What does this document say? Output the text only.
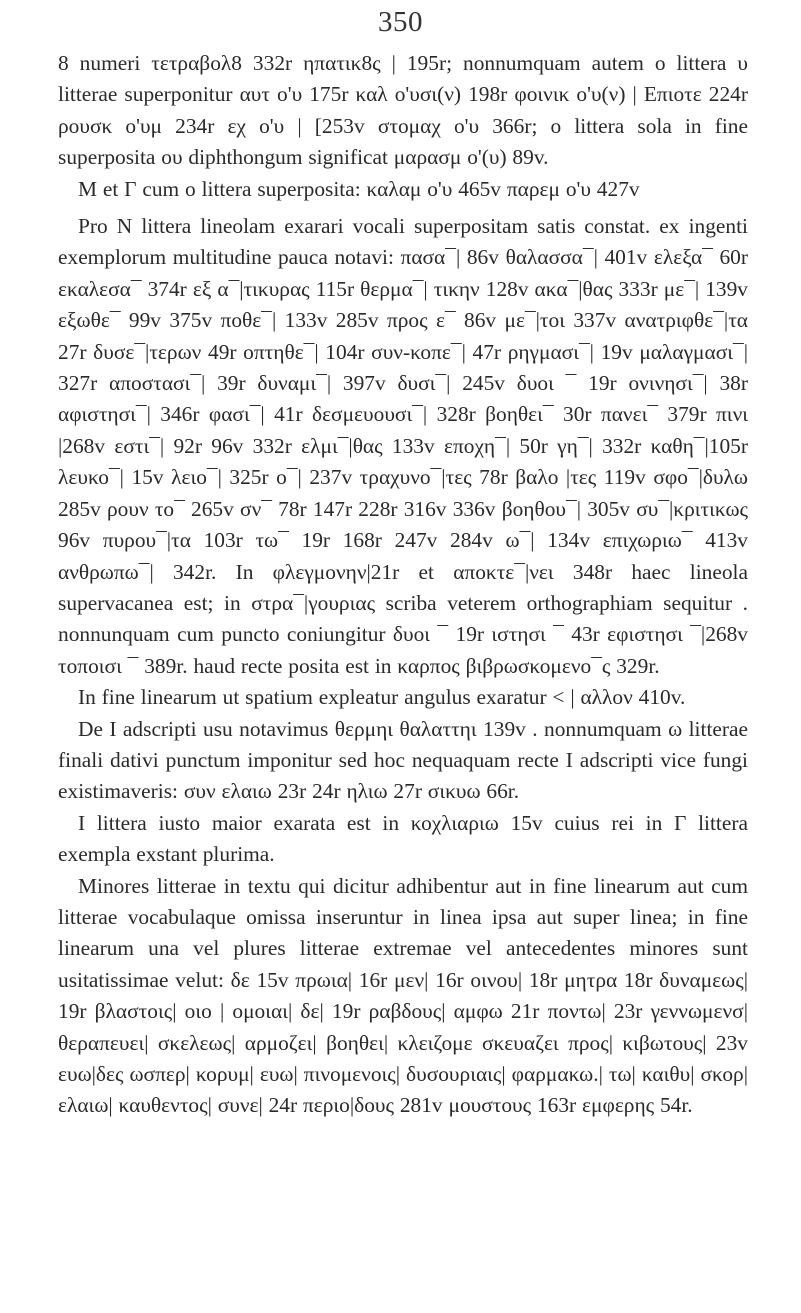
350

8 numeri τετραβολ8 332r ηπατικ8ς | 195r; nonnumquam autem o littera υ litterae superponitur αυτ ο'υ 175r καλ ο'υσι(ν) 198r φοινικ ο'υ(ν) | Επιοτε 224r ρουσκ ο'υμ 234r εχ ο'υ | [253v στομαχ ο'υ 366r; o littera sola in fine superposita ου diphthongum significat μαρασμ ο'(υ) 89v.

M et Γ cum o littera superposita: καλαμ ο'υ 465v παρεμ ο'υ 427v

Pro N littera lineolam exarari vocali superpositam satis constat. ex ingenti exemplorum multitudine pauca notavi: πασα¯| 86v θαλασσα¯| 401v ελεξα¯ 60r εκαλεσα¯ 374r εξ α¯|τικυρας 115r θερμα¯| τικην 128v ακα¯|θας 333r με¯| 139v εξωθε¯ 99v 375v ποθε¯| 133v 285v προς ε¯ 86v με¯|τοι 337v ανατριφθε¯|τα 27r δυσε¯|τερων 49r οπτηθε¯| 104r συν-κοπε¯| 47r ρηγμασι¯| 19v μαλαγμασι¯| 327r αποστασι¯| 39r δυναμι¯| 397v δυσι¯| 245v δυοι ¯ 19r ονινησι¯| 38r αφιστησι¯| 346r φασι¯| 41r δεσμευουσι¯| 328r βοηθει¯ 30r πανει¯ 379r πινι |268v εστι¯| 92r 96v 332r ελμι¯|θας 133v εποχη¯| 50r γη¯| 332r καθη¯|105r λευκο¯| 15v λειο¯| 325r ο¯| 237v τραχυνο¯|τες 78r βαλο |τες 119v σφο¯|δυλω 285v ρουν το¯ 265v σν¯ 78r 147r 228r 316v 336v βοηθου¯| 305v συ¯|κριτικως 96v πυρου¯|τα 103r τω¯ 19r 168r 247v 284v ω¯| 134v επιχωριω¯ 413v ανθρωπω¯| 342r. In φλεγμονην|21r et αποκτε¯|νει 348r haec lineola supervacanea est; in στρα¯|γουριας scriba veterem orthographiam sequitur . nonnunquam cum puncto coniungitur δυοι ¯ 19r ιστησι ¯ 43r εφιστησι ¯|268v τοποισι ¯ 389r. haud recte posita est in καρπος βιβρωσκομενο¯ς 329r.

In fine linearum ut spatium expleatur angulus exaratur < | αλλον 410v.

De I adscripti usu notavimus θερμηι θαλαττηι 139v . nonnumquam ω litterae finali dativi punctum imponitur sed hoc nequaquam recte I adscripti vice fungi existimaveris: συν ελαιω 23r 24r ηλιω 27r σικυω 66r.

I littera iusto maior exarata est in κοχλιαριω 15v cuius rei in Γ littera exempla exstant plurima.

Minores litterae in textu qui dicitur adhibentur aut in fine linearum aut cum litterae vocabulaque omissa inseruntur in linea ipsa aut super linea; in fine linearum una vel plures litterae extremae vel antecedentes minores sunt usitatissimae velut: δε 15v πρωια| 16r μεν| 16r οινου| 18r μητρα 18r δυναμεως| 19r βλαστοις| οιο | ομοιαι| δε| 19r ραβδους| αμφω 21r ποντω| 23r γεννωμενσ| θεραπευει| σκελεως| αρμοζει| βοηθει| κλειζομε σκευαζει προς| κιβωτους| 23v ευω|δες ωσπερ| κορυμ| ευω| πινομενοις| δυσουριαις| φαρμακω.| τω| καιθυ| σκορ| ελαιω| καυθεντος| συνε| 24r περιο|δους 281v μουστους 163r εμφερης 54r.
